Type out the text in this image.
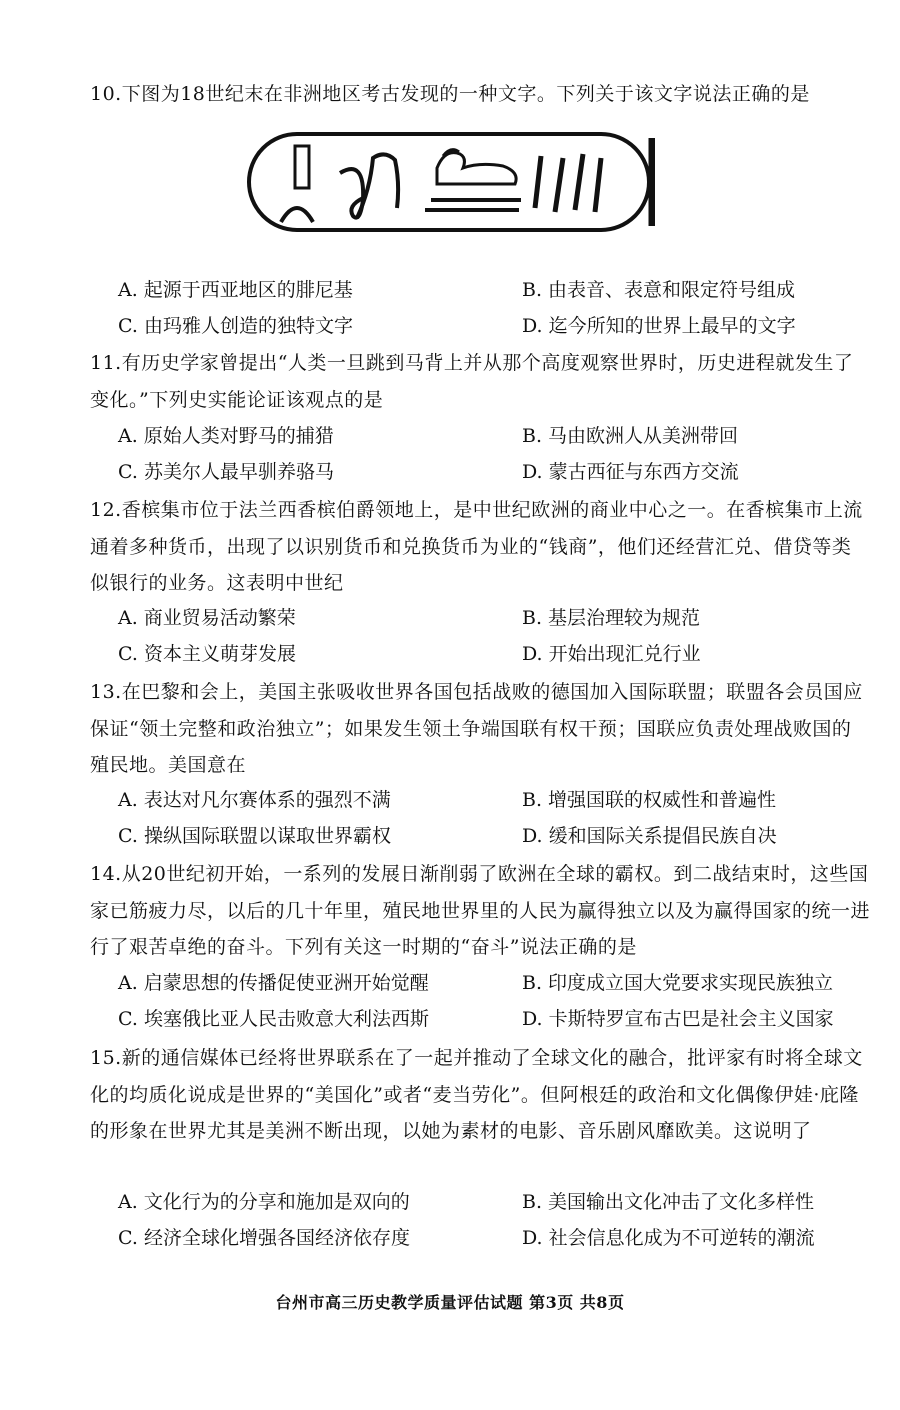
10.下图为18世纪末在非洲地区考古发现的一种文字。下列关于该文字说法正确的是
A. 起源于西亚地区的腓尼基	B. 由表音、表意和限定符号组成
C. 由玛雅人创造的独特文字	D. 迄今所知的世界上最早的文字
11.有历史学家曾提出“人类一旦跳到马背上并从那个高度观察世界时，历史进程就发生了变化。”下列史实能论证该观点的是
A. 原始人类对野马的捕猎	B. 马由欧洲人从美洲带回
C. 苏美尔人最早驯养骆马	D. 蒙古西征与东西方交流
12.香槟集市位于法兰西香槟伯爵领地上，是中世纪欧洲的商业中心之一。在香槟集市上流通着多种货币，出现了以识别货币和兑换货币为业的“钱商”，他们还经营汇兑、借贷等类似银行的业务。这表明中世纪
A. 商业贸易活动繁荣	B. 基层治理较为规范
C. 资本主义萌芽发展	D. 开始出现汇兑行业
13.在巴黎和会上，美国主张吸收世界各国包括战败的德国加入国际联盟；联盟各会员国应保证“领土完整和政治独立”；如果发生领土争端国联有权干预；国联应负责处理战败国的殖民地。美国意在
A. 表达对凡尔赛体系的强烈不满	B. 增强国联的权威性和普遍性
C. 操纵国际联盟以谋取世界霸权	D. 缓和国际关系提倡民族自决
14.从20世纪初开始，一系列的发展日渐削弱了欧洲在全球的霸权。到二战结束时，这些国家已筋疲力尽，以后的几十年里，殖民地世界里的人民为赢得独立以及为赢得国家的统一进行了艰苦卓绝的奋斗。下列有关这一时期的“奋斗”说法正确的是
A. 启蒙思想的传播促使亚洲开始觉醒	B. 印度成立国大党要求实现民族独立
C. 埃塞俄比亚人民击败意大利法西斯	D. 卡斯特罗宣布古巴是社会主义国家
15.新的通信媒体已经将世界联系在了一起并推动了全球文化的融合，批评家有时将全球文化的均质化说成是世界的“美国化”或者“麦当劳化”。但阿根廷的政治和文化偶像伊娃·庇隆的形象在世界尤其是美洲不断出现，以她为素材的电影、音乐剧风靡欧美。这说明了
A. 文化行为的分享和施加是双向的	B. 美国输出文化冲击了文化多样性
C. 经济全球化增强各国经济依存度	D. 社会信息化成为不可逆转的潮流
台州市高三历史教学质量评估试题 第3页 共8页
